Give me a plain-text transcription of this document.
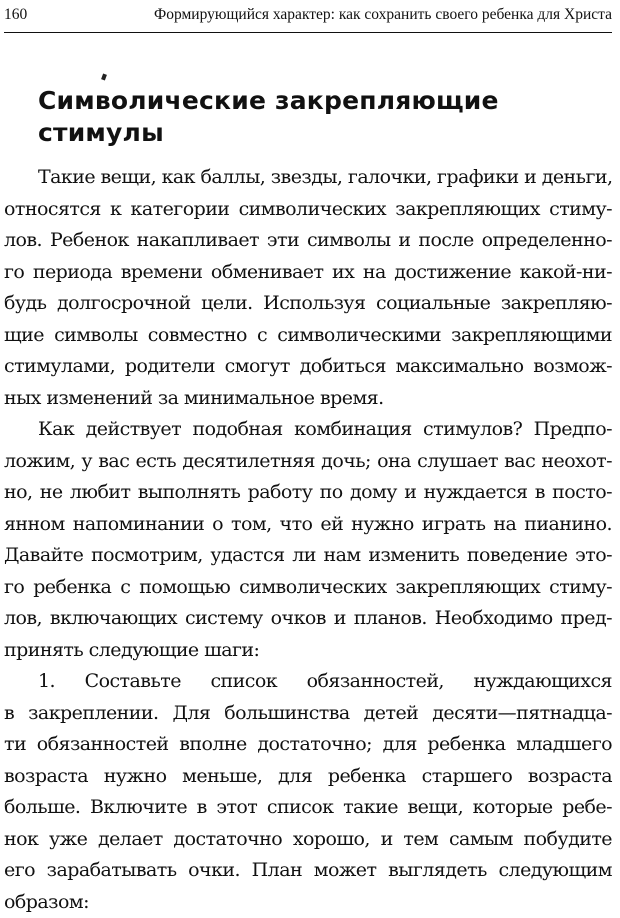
160	Формирующийся характер: как сохранить своего ребенка для Христа
Символические закрепляющие стимулы
Такие вещи, как баллы, звезды, галочки, графики и деньги,
относятся к категории символических закрепляющих стиму-
лов. Ребенок накапливает эти символы и после определенно-
го периода времени обменивает их на достижение какой-ни-
будь долгосрочной цели. Используя социальные закрепляю-
щие символы совместно с символическими закрепляющими
стимулами, родители смогут добиться максимально возмож-
ных изменений за минимальное время.
Как действует подобная комбинация стимулов? Предпо-
ложим, у вас есть десятилетняя дочь; она слушает вас неохот-
но, не любит выполнять работу по дому и нуждается в посто-
янном напоминании о том, что ей нужно играть на пианино.
Давайте посмотрим, удастся ли нам изменить поведение это-
го ребенка с помощью символических закрепляющих стиму-
лов, включающих систему очков и планов. Необходимо пред-
принять следующие шаги:
1. Составьте список обязанностей, нуждающихся
в закреплении. Для большинства детей десяти—пятнадца-
ти обязанностей вполне достаточно; для ребенка младшего
возраста нужно меньше, для ребенка старшего возраста
больше. Включите в этот список такие вещи, которые ребе-
нок уже делает достаточно хорошо, и тем самым побудите
его зарабатывать очки. План может выглядеть следующим
образом:
